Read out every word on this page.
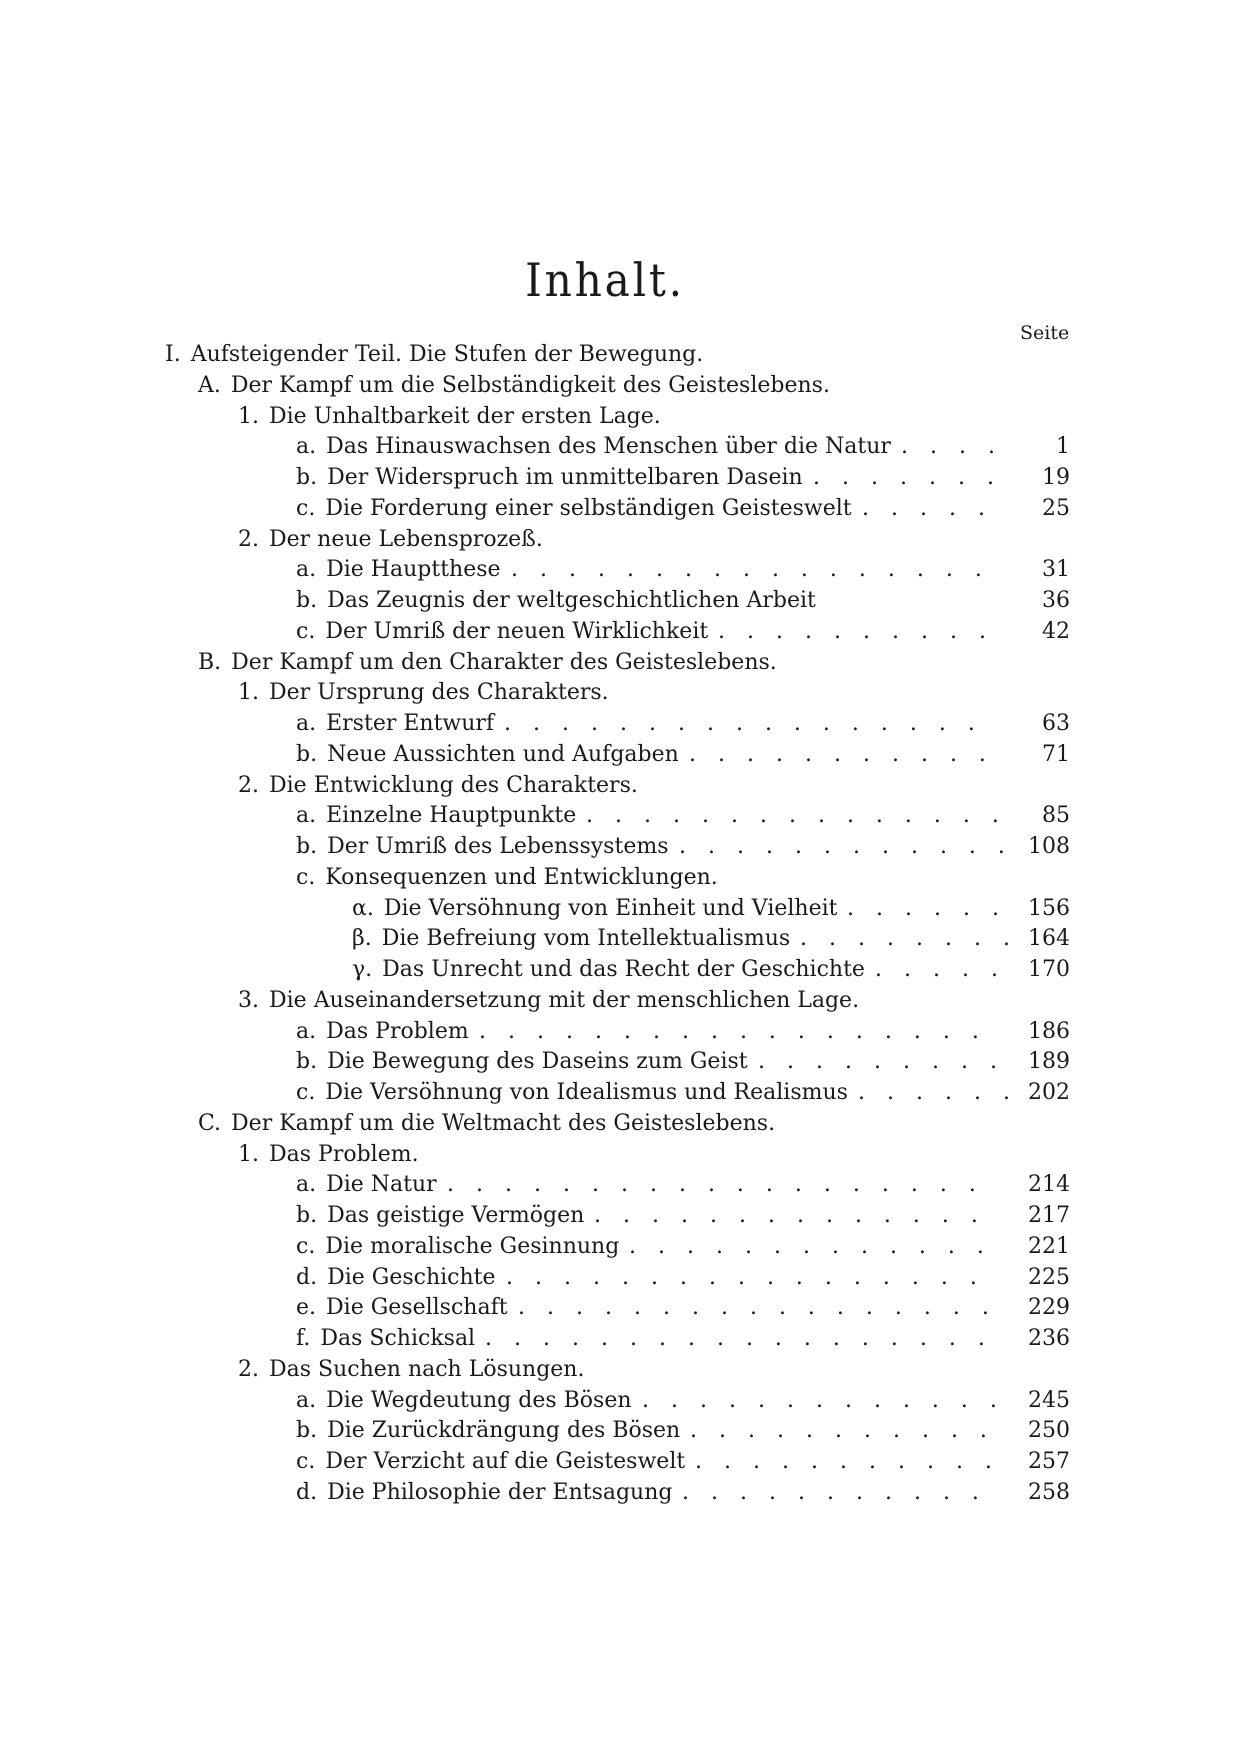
Inhalt.
Seite
I. Aufsteigender Teil. Die Stufen der Bewegung.
A. Der Kampf um die Selbständigkeit des Geisteslebens.
1. Die Unhaltbarkeit der ersten Lage.
a. Das Hinauswachsen des Menschen über die Natur	1
. . . . 
b. Der Widerspruch im unmittelbaren Dasein	19
. . . . . . . 
c. Die Forderung einer selbständigen Geisteswelt	25
. . . . . 
2. Der neue Lebensprozeß.
a. Die Hauptthese	31
. . . . . . . . . . . . . . . . . 
b. Das Zeugnis der weltgeschichtlichen Arbeit	36
c. Der Umriß der neuen Wirklichkeit	42
. . . . . . . . . . 
B. Der Kampf um den Charakter des Geisteslebens.
1. Der Ursprung des Charakters.
a. Erster Entwurf	63
. . . . . . . . . . . . . . . . . 
b. Neue Aussichten und Aufgaben	71
. . . . . . . . . . . 
2. Die Entwicklung des Charakters.
a. Einzelne Hauptpunkte	85
. . . . . . . . . . . . . . . 
b. Der Umriß des Lebenssystems	108
. . . . . . . . . . . . 
c. Konsequenzen und Entwicklungen.
α. Die Versöhnung von Einheit und Vielheit	156
. . . . . . 
β. Die Befreiung vom Intellektualismus	164
. . . . . . . . 
γ. Das Unrecht und das Recht der Geschichte	170
. . . . . 
3. Die Auseinandersetzung mit der menschlichen Lage.
a. Das Problem	186
. . . . . . . . . . . . . . . . . . 
b. Die Bewegung des Daseins zum Geist	189
. . . . . . . . . 
c. Die Versöhnung von Idealismus und Realismus	202
. . . . . . 
C. Der Kampf um die Weltmacht des Geisteslebens.
1. Das Problem.
a. Die Natur	214
. . . . . . . . . . . . . . . . . . . 
b. Das geistige Vermögen	217
. . . . . . . . . . . . . . 
c. Die moralische Gesinnung	221
. . . . . . . . . . . . . 
d. Die Geschichte	225
. . . . . . . . . . . . . . . . . 
e. Die Gesellschaft	229
. . . . . . . . . . . . . . . . . 
f. Das Schicksal	236
. . . . . . . . . . . . . . . . . . 
2. Das Suchen nach Lösungen.
a. Die Wegdeutung des Bösen	245
. . . . . . . . . . . . . 
b. Die Zurückdrängung des Bösen	250
. . . . . . . . . . . 
c. Der Verzicht auf die Geisteswelt	257
. . . . . . . . . . . 
d. Die Philosophie der Entsagung	258
. . . . . . . . . . . 
